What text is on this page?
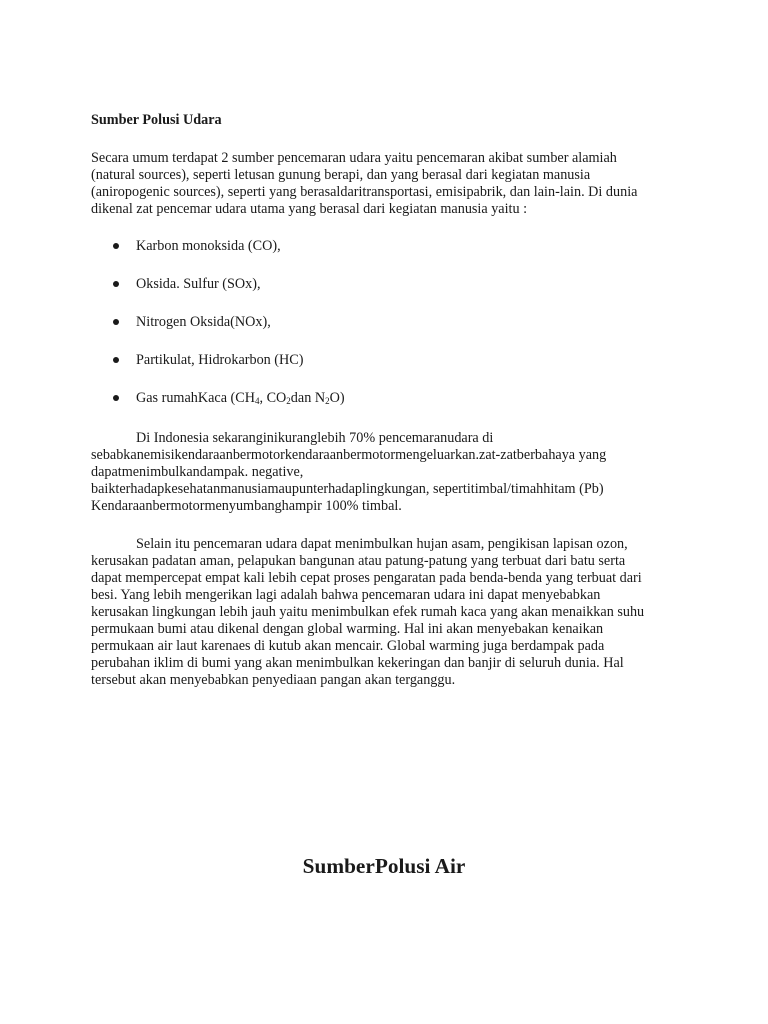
Sumber Polusi Udara

Secara umum terdapat 2 sumber pencemaran udara yaitu pencemaran akibat sumber alamiah
(natural sources), seperti letusan gunung berapi, dan yang berasal dari kegiatan manusia
(aniropogenic sources), seperti yang berasaldaritransportasi, emisipabrik, dan lain-lain. Di dunia
dikenal zat pencemar udara utama yang berasal dari kegiatan manusia yaitu :

Karbon monoksida (CO),
Oksida. Sulfur (SOx),
Nitrogen Oksida(NOx),
Partikulat, Hidrokarbon (HC)
Gas rumahKaca ($CH_4$, $CO_2dan$ $N_2O$)

Di Indonesia sekaranginikuranglebih 70% pencemaranudara di
sebabkanemisikendaraanbermotorkendaraanbermotormengeluarkan.zat-zatberbahaya yang
dapatmenimbulkandampak. negative,
baikterhadapkesehatanmanusiamaupunterhadaplingkungan, sepertitimbal/timahhitam (Pb)
Kendaraanbermotormenyumbanghampir 100% timbal.

Selain itu pencemaran udara dapat menimbulkan hujan asam, pengikisan lapisan ozon,
kerusakan padatan aman, pelapukan bangunan atau patung-patung yang terbuat dari batu serta
dapat mempercepat empat kali lebih cepat proses pengaratan pada benda-benda yang terbuat dari
besi. Yang lebih mengerikan lagi adalah bahwa pencemaran udara ini dapat menyebabkan
kerusakan lingkungan lebih jauh yaitu menimbulkan efek rumah kaca yang akan menaikkan suhu
permukaan bumi atau dikenal dengan global warming. Hal ini akan menyebakan kenaikan
permukaan air laut karenaes di kutub akan mencair. Global warming juga berdampak pada
perubahan iklim di bumi yang akan menimbulkan kekeringan dan banjir di seluruh dunia. Hal
tersebut akan menyebabkan penyediaan pangan akan terganggu.

SumberPolusi Air
